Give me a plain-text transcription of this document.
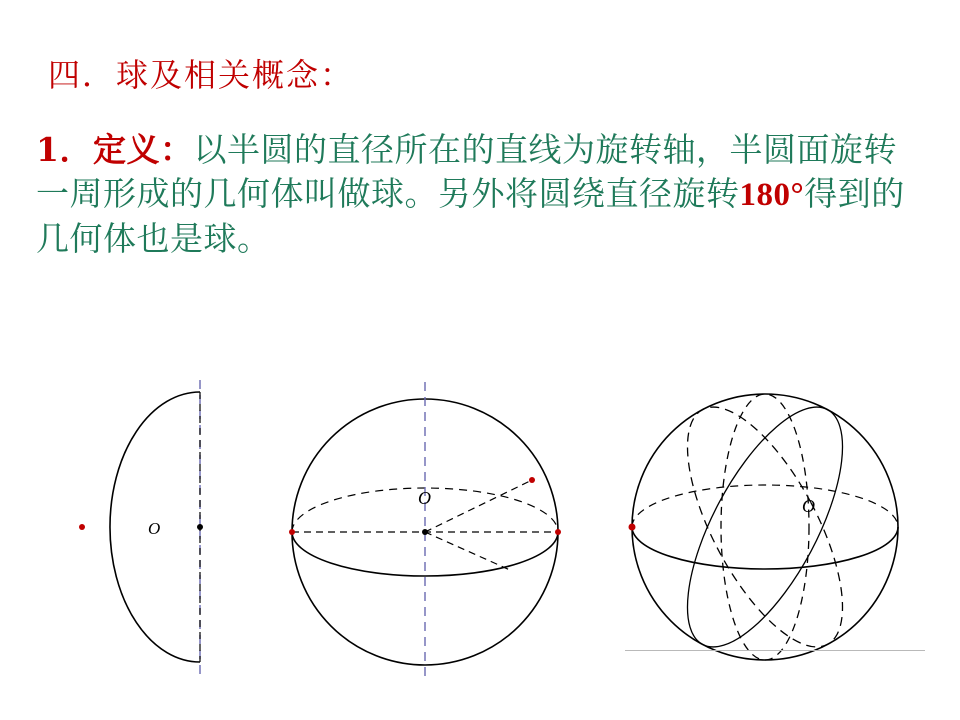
四．球及相关概念：
1．定义：以半圆的直径所在的直线为旋转轴，半圆面旋转一周形成的几何体叫做球。另外将圆绕直径旋转180°得到的几何体也是球。
O
O	O
